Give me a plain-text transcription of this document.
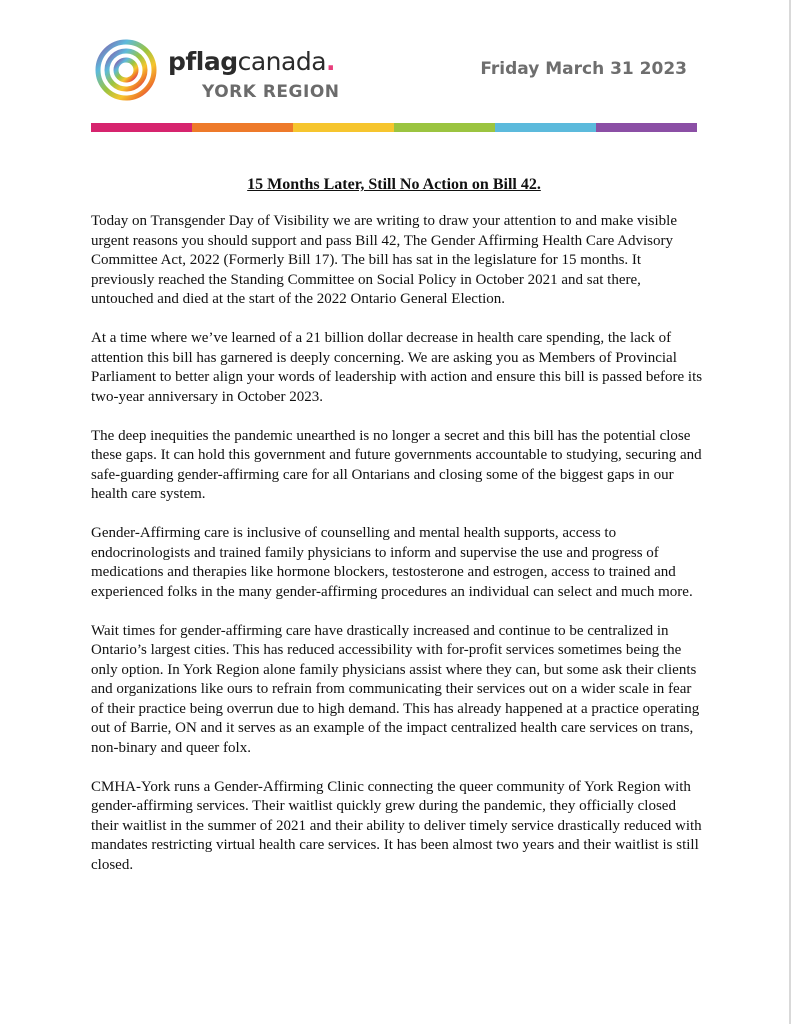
pflagcanada.
YORK REGION
Friday March 31 2023
15 Months Later, Still No Action on Bill 42.

Today on Transgender Day of Visibility we are writing to draw your attention to and make visible urgent reasons you should support and pass Bill 42, The Gender Affirming Health Care Advisory Committee Act, 2022 (Formerly Bill 17). The bill has sat in the legislature for 15 months. It previously reached the Standing Committee on Social Policy in October 2021 and sat there, untouched and died at the start of the 2022 Ontario General Election.

At a time where we’ve learned of a 21 billion dollar decrease in health care spending, the lack of attention this bill has garnered is deeply concerning. We are asking you as Members of Provincial Parliament to better align your words of leadership with action and ensure this bill is passed before its two-year anniversary in October 2023.

The deep inequities the pandemic unearthed is no longer a secret and this bill has the potential close these gaps. It can hold this government and future governments accountable to studying, securing and safe-guarding gender-affirming care for all Ontarians and closing some of the biggest gaps in our health care system.

Gender-Affirming care is inclusive of counselling and mental health supports, access to endocrinologists and trained family physicians to inform and supervise the use and progress of medications and therapies like hormone blockers, testosterone and estrogen, access to trained and experienced folks in the many gender-affirming procedures an individual can select and much more.

Wait times for gender-affirming care have drastically increased and continue to be centralized in Ontario’s largest cities. This has reduced accessibility with for-profit services sometimes being the only option. In York Region alone family physicians assist where they can, but some ask their clients and organizations like ours to refrain from communicating their services out on a wider scale in fear of their practice being overrun due to high demand. This has already happened at a practice operating out of Barrie, ON and it serves as an example of the impact centralized health care services on trans, non-binary and queer folx.

CMHA-York runs a Gender-Affirming Clinic connecting the queer community of York Region with gender-affirming services. Their waitlist quickly grew during the pandemic, they officially closed their waitlist in the summer of 2021 and their ability to deliver timely service drastically reduced with mandates restricting virtual health care services. It has been almost two years and their waitlist is still closed.
